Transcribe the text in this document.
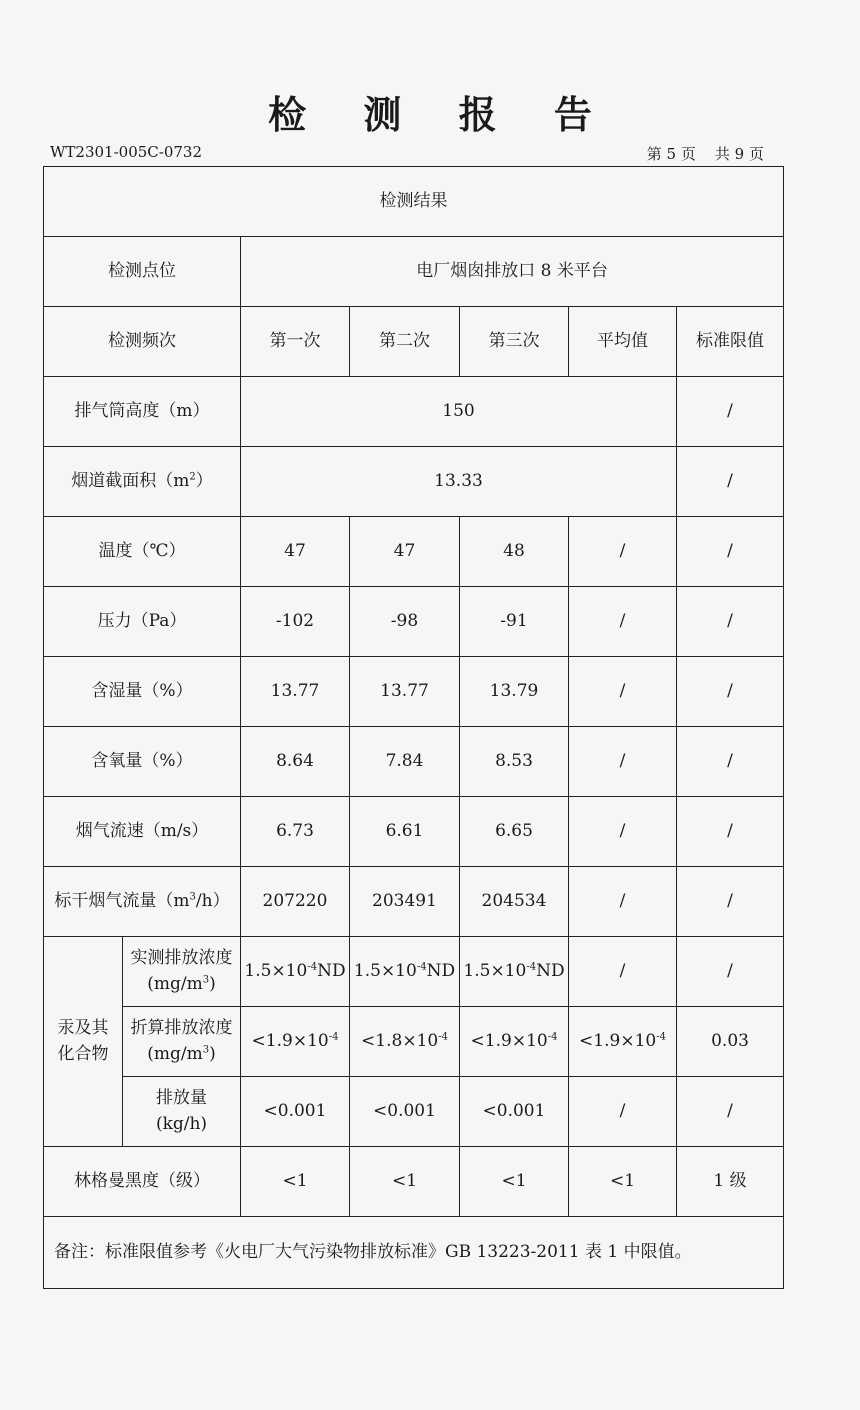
检 测 报 告
WT2301-005C-0732	第 5 页    共 9 页
检测结果						
检测点位		电厂烟囱排放口 8 米平台				
检测频次		第一次	第二次	第三次	平均值	标准限值
排气筒高度（m）		150				/
烟道截面积$(m^2)$		13.33				/
温度（℃）		47	47	48	/	/
压力（Pa）		-102	-98	-91	/	/
含湿量（%）		13.77	13.77	13.79	/	/
含氧量（%）		8.64	7.84	8.53	/	/
烟气流速（m/s）		6.73	6.61	6.65	/	/
标干烟气流量$(m^3/h)$		207220	203491	204534	/	/

汞及其化合物	实测排放浓度$(mg/m^3)$	$1.5\times 10^{-4}ND$	$1.5\times 10^{-4}ND$	$1.5\times 10^{-4}ND$	/	/

	折算排放浓度$(mg/m^3)$	$<1.9\times 10^{-4}$	$<1.8\times 10^{-4}$	$<1.9\times 10^{-4}$	$<1.9\times 10^{-4}$	0.03

	排放量(kg/h)	<0.001	<0.001	<0.001	/	/
林格曼黑度（级）		<1	<1	<1	<1	1 级
备注：标准限值参考《火电厂大气污染物排放标准》GB 13223-2011 表 1 中限值。						
